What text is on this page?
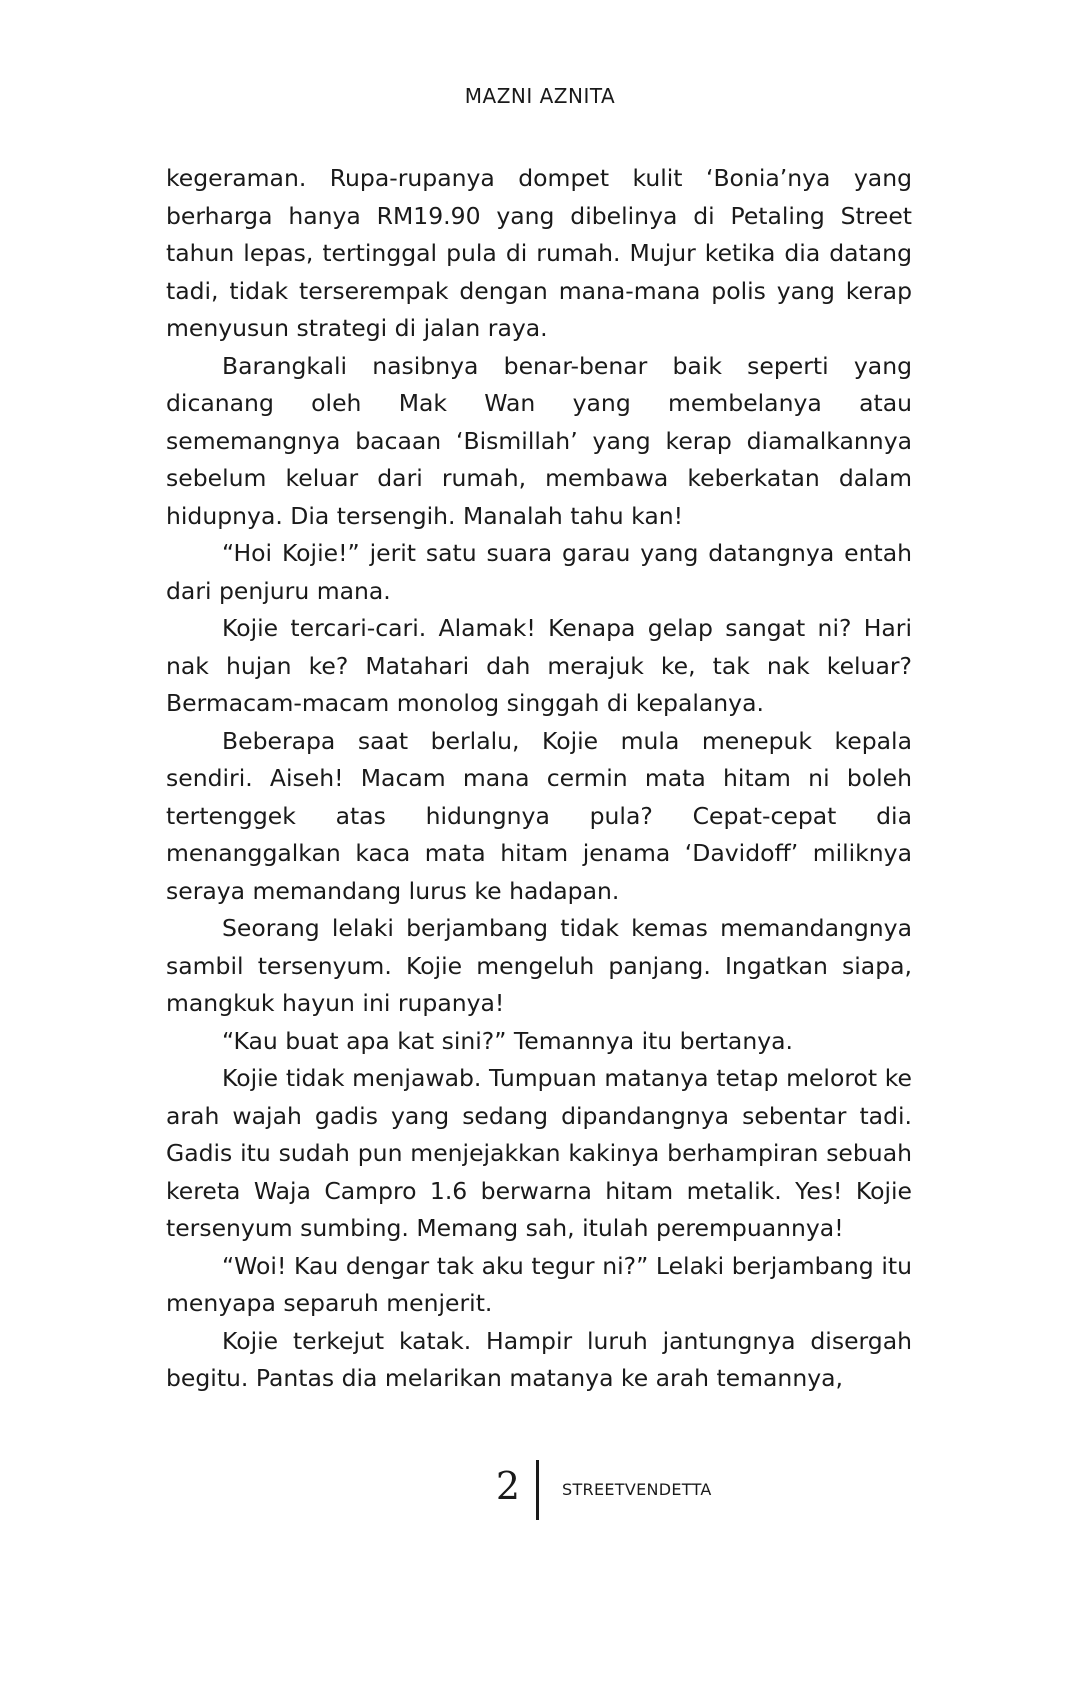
MAZNI AZNITA

kegeraman. Rupa-rupanya dompet kulit ‘Bonia’nya yang berharga hanya RM19.90 yang dibelinya di Petaling Street tahun lepas, tertinggal pula di rumah. Mujur ketika dia datang tadi, tidak terserempak dengan mana-mana polis yang kerap menyusun strategi di jalan raya.

Barangkali nasibnya benar-benar baik seperti yang dicanang oleh Mak Wan yang membelanya atau sememangnya bacaan ‘Bismillah’ yang kerap diamalkannya sebelum keluar dari rumah, membawa keberkatan dalam hidupnya. Dia tersengih. Manalah tahu kan!

“Hoi Kojie!” jerit satu suara garau yang datangnya entah dari penjuru mana.

Kojie tercari-cari. Alamak! Kenapa gelap sangat ni? Hari nak hujan ke? Matahari dah merajuk ke, tak nak keluar? Bermacam-macam monolog singgah di kepalanya.

Beberapa saat berlalu, Kojie mula menepuk kepala sendiri. Aiseh! Macam mana cermin mata hitam ni boleh tertenggek atas hidungnya pula? Cepat-cepat dia menanggalkan kaca mata hitam jenama ‘Davidoff’ miliknya seraya memandang lurus ke hadapan.

Seorang lelaki berjambang tidak kemas memandangnya sambil tersenyum. Kojie mengeluh panjang. Ingatkan siapa, mangkuk hayun ini rupanya!

“Kau buat apa kat sini?” Temannya itu bertanya.

Kojie tidak menjawab. Tumpuan matanya tetap melorot ke arah wajah gadis yang sedang dipandangnya sebentar tadi. Gadis itu sudah pun menjejakkan kakinya berhampiran sebuah kereta Waja Campro 1.6 berwarna hitam metalik. Yes! Kojie tersenyum sumbing. Memang sah, itulah perempuannya!

“Woi! Kau dengar tak aku tegur ni?” Lelaki berjambang itu menyapa separuh menjerit.

Kojie terkejut katak. Hampir luruh jantungnya disergah begitu. Pantas dia melarikan matanya ke arah temannya,

2	STREETVENDETTA
